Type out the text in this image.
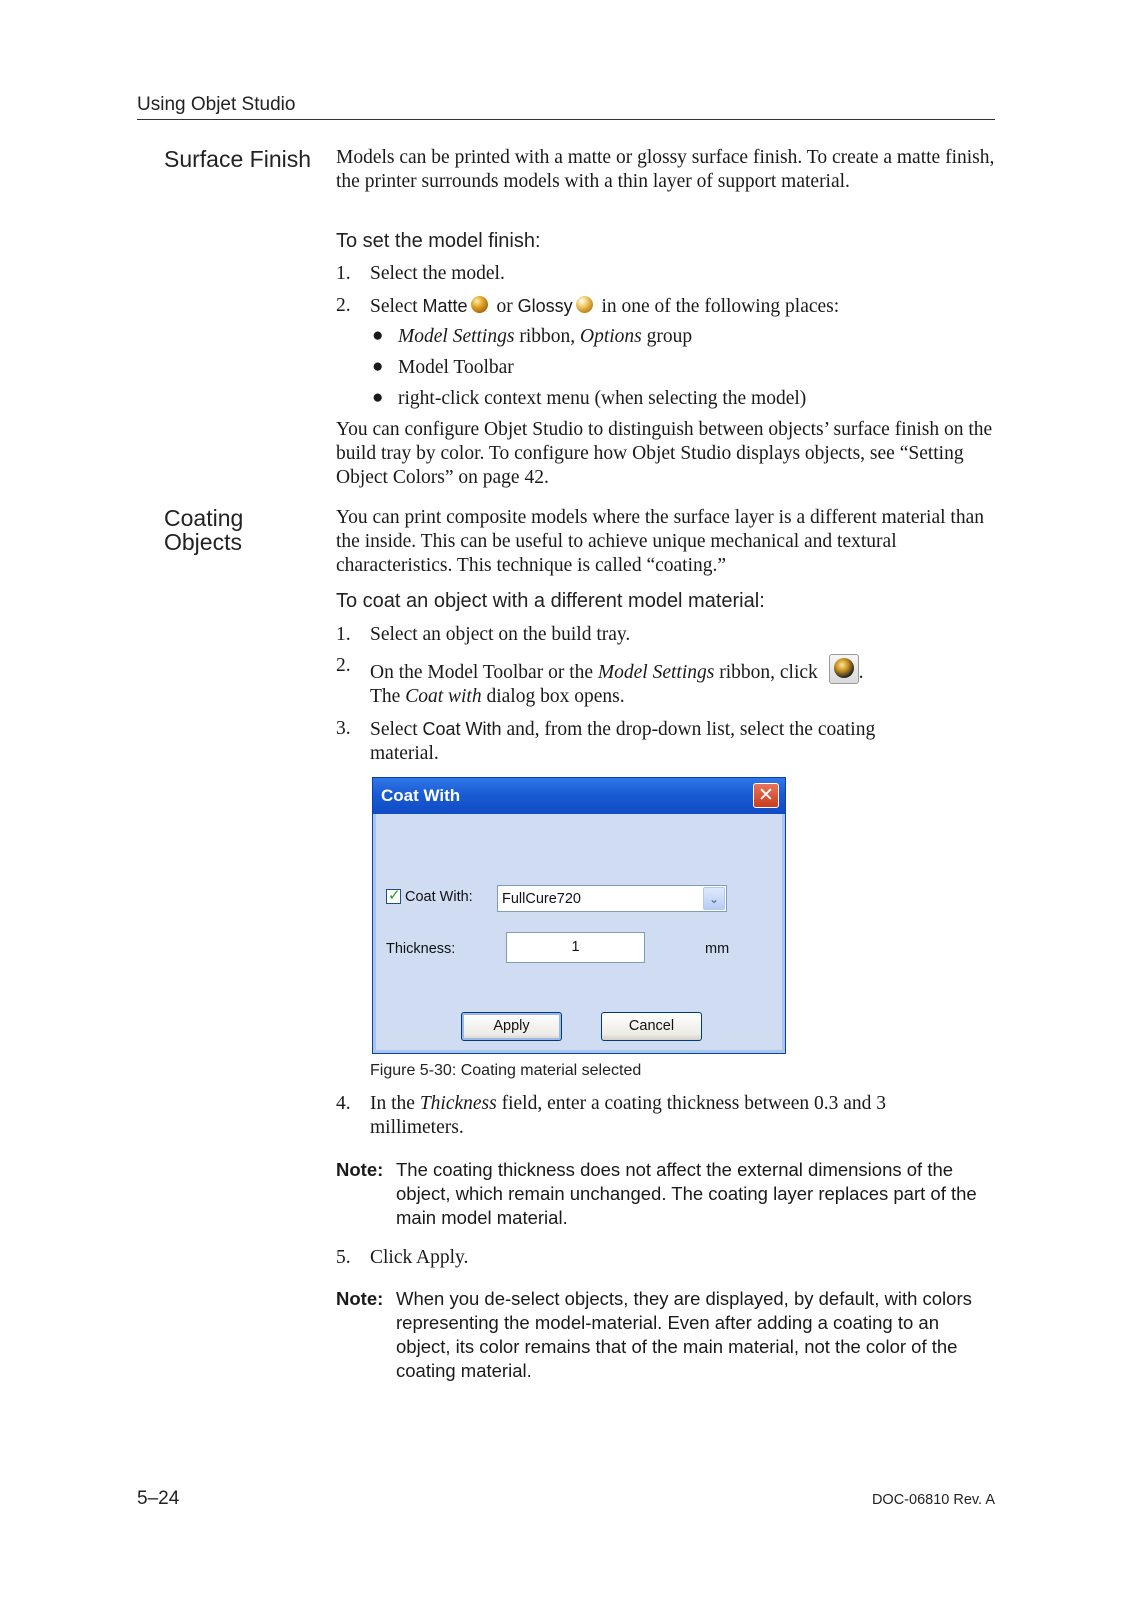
Using Objet Studio
Surface Finish Models can be printed with a matte or glossy surface finish. To create a matte finish, the printer surrounds models with a thin layer of support material.

To set the model finish:
1. Select the model.
2. Select Matte or Glossy in one of the following places:
● Model Settings ribbon, Options group
● Model Toolbar
● right-click context menu (when selecting the model)

You can configure Objet Studio to distinguish between objects’ surface finish on the build tray by color. To configure how Objet Studio displays objects, see “Setting Object Colors” on page 42.

Coating
Objects

You can print composite models where the surface layer is a different material than the inside. This can be useful to achieve unique mechanical and textural characteristics. This technique is called “coating.”

To coat an object with a different model material:
1. Select an object on the build tray.
2. On the Model Toolbar or the Model Settings ribbon, click
.
The Coat with dialog box opens.
3. Select Coat With and, from the drop-down list, select the coating
material.
Coat With	✕
✓ Coat With: FullCure720	⌄
Thickness:	1	mm
Apply	Cancel
Figure 5-30: Coating material selected
4. In the Thickness field, enter a coating thickness between 0.3 and 3
millimeters.
Note: The coating thickness does not affect the external dimensions of the object, which remain unchanged. The coating layer replaces part of the main model material.
5. Click Apply.
Note: When you de-select objects, they are displayed, by default, with colors representing the model-material. Even after adding a coating to an object, its color remains that of the main material, not the color of the coating material.
5–24	DOC-06810 Rev. A
